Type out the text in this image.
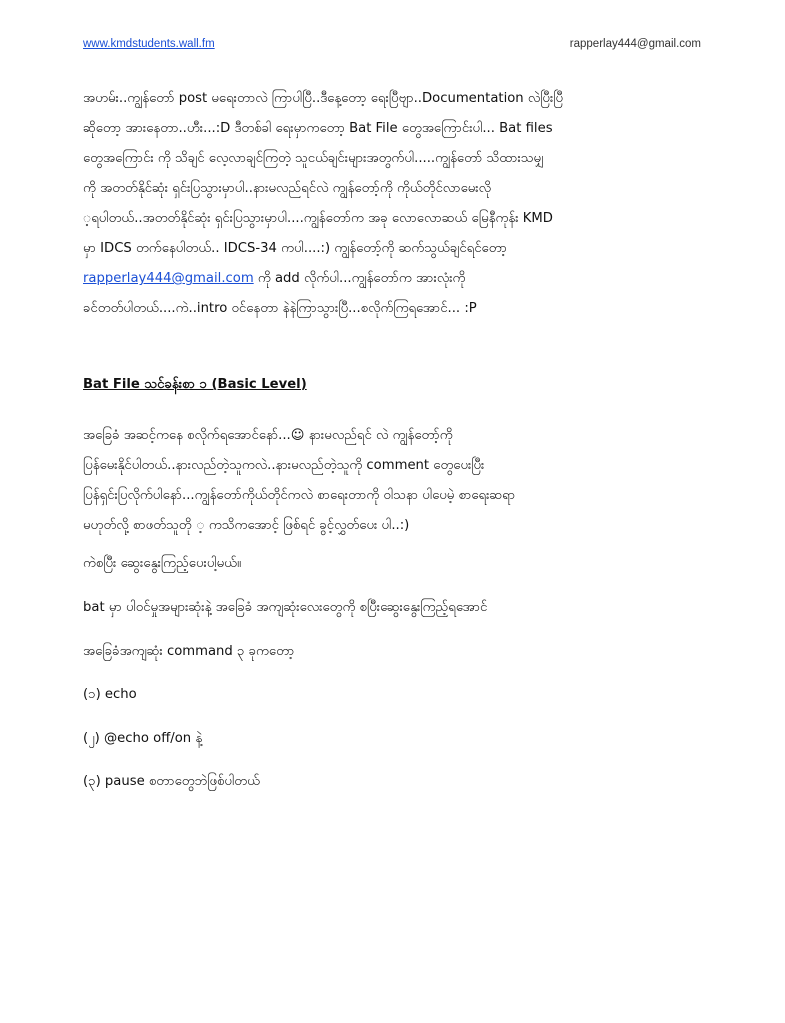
www.kmdstudents.wall.fm	rapperlay444@gmail.com

အဟမ်း..ကျွန်တော် post မရေးတာလဲ ကြာပါပြီ..ဒီနေ့တော့ ရေးပြီဗျာ..Documentation လဲပြီးပြီ
ဆိုတော့ အားနေတာ..ဟီး...:D ဒီတစ်ခါ ရေးမှာကတော့ Bat File တွေအကြောင်းပါ... Bat files
တွေအကြောင်း ကို သိချင် လေ့လာချင်ကြတဲ့ သူငယ်ချင်းများအတွက်ပါ.....ကျွန်တော် သိထားသမျှ
ကို အတတ်နိုင်ဆုံး ရှင်းပြသွားမှာပါ..နားမလည်ရင်လဲ ကျွန်တော့်ကို ကိုယ်တိုင်လာမေးလို
့ရပါတယ်..အတတ်နိုင်ဆုံး ရှင်းပြသွားမှာပါ....ကျွန်တော်က အခု လောလောဆယ် မြေနီကုန်း KMD
မှာ IDCS တက်နေပါတယ်.. IDCS-34 ကပါ....:) ကျွန်တော့်ကို ဆက်သွယ်ချင်ရင်တော့
rapperlay444@gmail.com ကို add လိုက်ပါ...ကျွန်တော်က အားလုံးကို
ခင်တတ်ပါတယ်....ကဲ..intro ဝင်နေတာ နဲနဲကြာသွားပြီ...စလိုက်ကြရအောင်... :P

Bat File သင်ခန်းစာ ၁ (Basic Level)

အခြေခံ အဆင့်ကနေ စလိုက်ရအောင်နော်...☺ နားမလည်ရင် လဲ ကျွန်တော့်ကို
ပြန်မေးနိုင်ပါတယ်..နားလည်တဲ့သူကလဲ..နားမလည်တဲ့သူကို comment တွေပေးပြီး
ပြန်ရှင်းပြလိုက်ပါနော်...ကျွန်တော်ကိုယ်တိုင်ကလဲ စာရေးတာကို ဝါသနာ ပါပေမဲ့ စာရေးဆရာ
မဟုတ်လို့ စာဖတ်သူတို ့ ကသိကအောင့် ဖြစ်ရင် ခွင့်လွှတ်ပေး ပါ..:)

ကဲစပြီး ဆွေးနွေးကြည့်ပေးပါ့မယ်။
bat မှာ ပါဝင်မှုအများဆုံးနဲ့ အခြေခံ အကျဆုံးလေးတွေကို စပြီးဆွေးနွေးကြည့်ရအောင်
အခြေခံအကျဆုံး command ၃ ခုကတော့
(၁) echo
(၂) @echo off/on နဲ့
(၃) pause စတာတွေဘဲဖြစ်ပါတယ်
